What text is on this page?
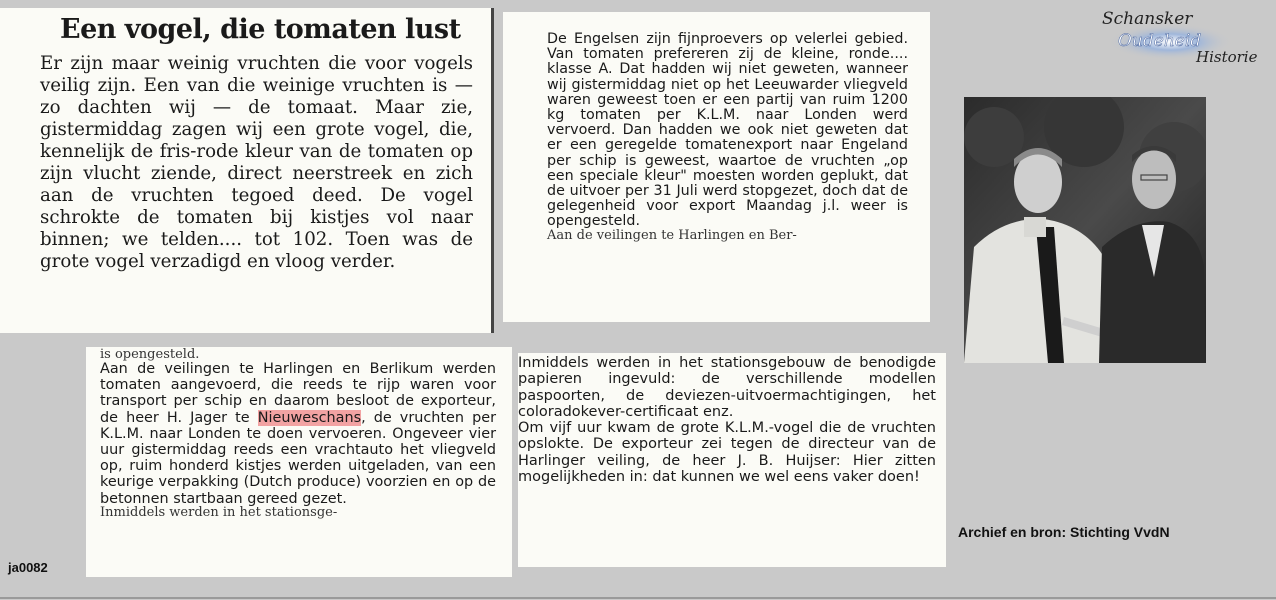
Schansker
Oudeheid
Historie
Een vogel, die tomaten lust

Er zijn maar weinig vruchten die voor vogels veilig zijn. Een van die weinige vruchten is — zo dachten wij — de tomaat. Maar zie, gistermiddag zagen wij een grote vogel, die, kennelijk de fris-rode kleur van de tomaten op zijn vlucht ziende, direct neerstreek en zich aan de vruchten tegoed deed. De vogel schrokte de tomaten bij kistjes vol naar binnen; we telden.... tot 102. Toen was de grote vogel verzadigd en vloog verder.

De Engelsen zijn fijnproevers op velerlei gebied. Van tomaten prefereren zij de kleine, ronde.... klasse A. Dat hadden wij niet geweten, wanneer wij gistermiddag niet op het Leeuwarder vliegveld waren geweest toen er een partij van ruim 1200 kg tomaten per K.L.M. naar Londen werd vervoerd. Dan hadden we ook niet geweten dat er een geregelde tomatenexport naar Engeland per schip is geweest, waartoe de vruchten „op een speciale kleur" moesten worden geplukt, dat de uitvoer per 31 Juli werd stopgezet, doch dat de gelegenheid voor export Maandag j.l. weer is opengesteld.

Aan de veilingen te Harlingen en Ber-
is opengesteld.

Aan de veilingen te Harlingen en Berlikum werden tomaten aangevoerd, die reeds te rijp waren voor transport per schip en daarom besloot de exporteur, de heer H. Jager te Nieuweschans, de vruchten per K.L.M. naar Londen te doen vervoeren. Ongeveer vier uur gistermiddag reeds een vrachtauto het vliegveld op, ruim honderd kistjes werden uitgeladen, van een keurige verpakking (Dutch produce) voorzien en op de betonnen startbaan gereed gezet.

Inmiddels werden in het stationsge-

Inmiddels werden in het stationsgebouw de benodigde papieren ingevuld: de verschillende modellen paspoorten, de deviezen-uitvoermachtigingen, het coloradokever-certificaat enz.

Om vijf uur kwam de grote K.L.M.-vogel die de vruchten opslokte. De exporteur zei tegen de directeur van de Harlinger veiling, de heer J. B. Huijser: Hier zitten mogelijkheden in: dat kunnen we wel eens vaker doen!

Archief en bron: Stichting VvdN
ja0082
